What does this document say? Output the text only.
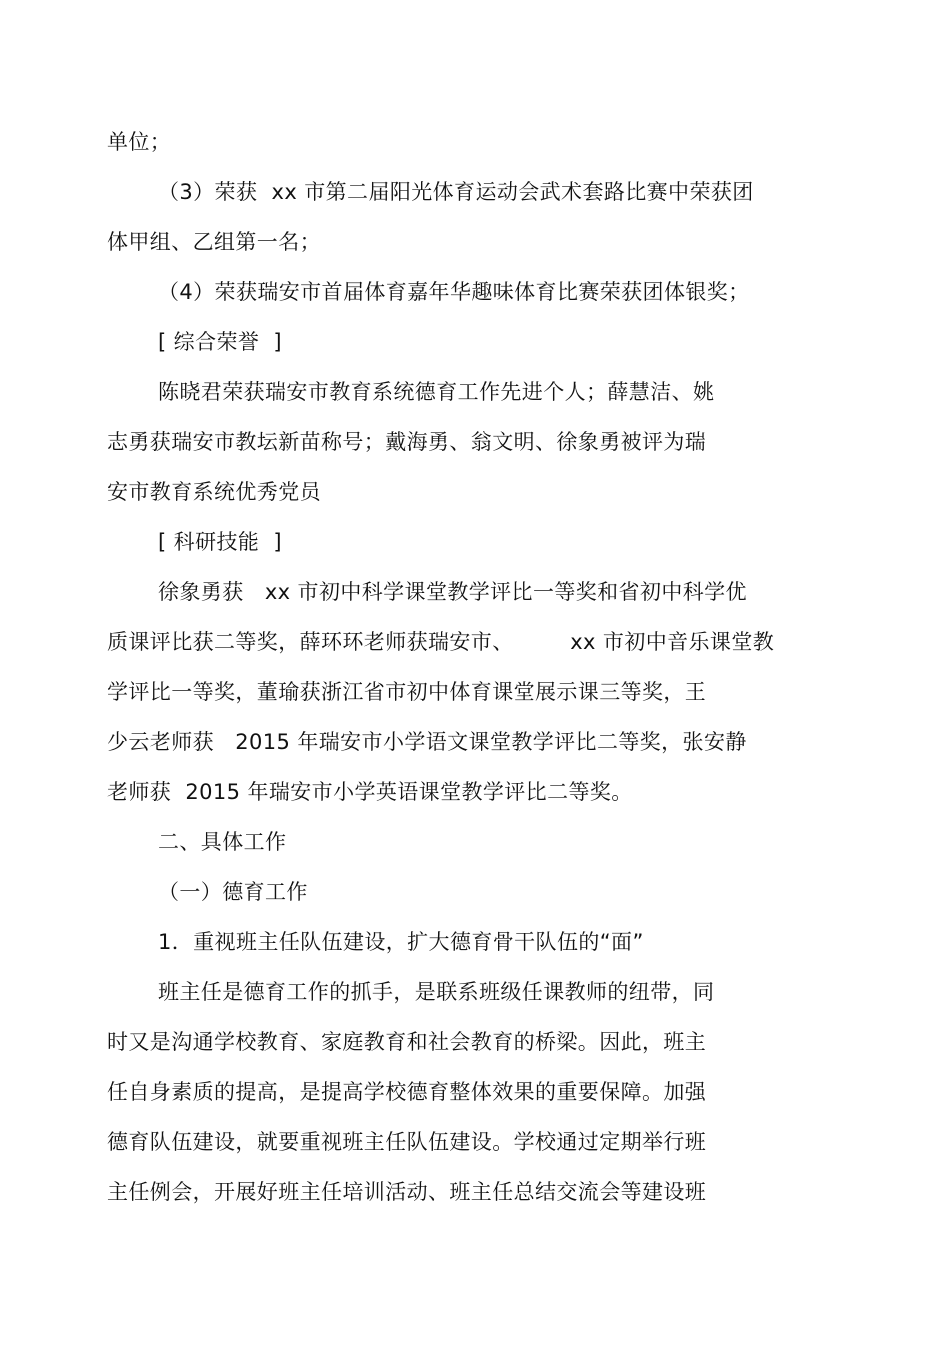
单位；
（3）荣获  xx 市第二届阳光体育运动会武术套路比赛中荣获团
体甲组、乙组第一名；
（4）荣获瑞安市首届体育嘉年华趣味体育比赛荣获团体银奖；
[ 综合荣誉  ]
陈晓君荣获瑞安市教育系统德育工作先进个人；薛慧洁、姚
志勇获瑞安市教坛新苗称号；戴海勇、翁文明、徐象勇被评为瑞
安市教育系统优秀党员
[ 科研技能  ]
徐象勇获   xx 市初中科学课堂教学评比一等奖和省初中科学优
质课评比获二等奖，薛环环老师获瑞安市、        xx 市初中音乐课堂教
学评比一等奖，董瑜获浙江省市初中体育课堂展示课三等奖，王
少云老师获   2015 年瑞安市小学语文课堂教学评比二等奖，张安静
老师获  2015 年瑞安市小学英语课堂教学评比二等奖。
二、具体工作
（一）德育工作
1．重视班主任队伍建设，扩大德育骨干队伍的“面”
班主任是德育工作的抓手，是联系班级任课教师的纽带，同
时又是沟通学校教育、家庭教育和社会教育的桥梁。因此，班主
任自身素质的提高，是提高学校德育整体效果的重要保障。加强
德育队伍建设，就要重视班主任队伍建设。学校通过定期举行班
主任例会，开展好班主任培训活动、班主任总结交流会等建设班
